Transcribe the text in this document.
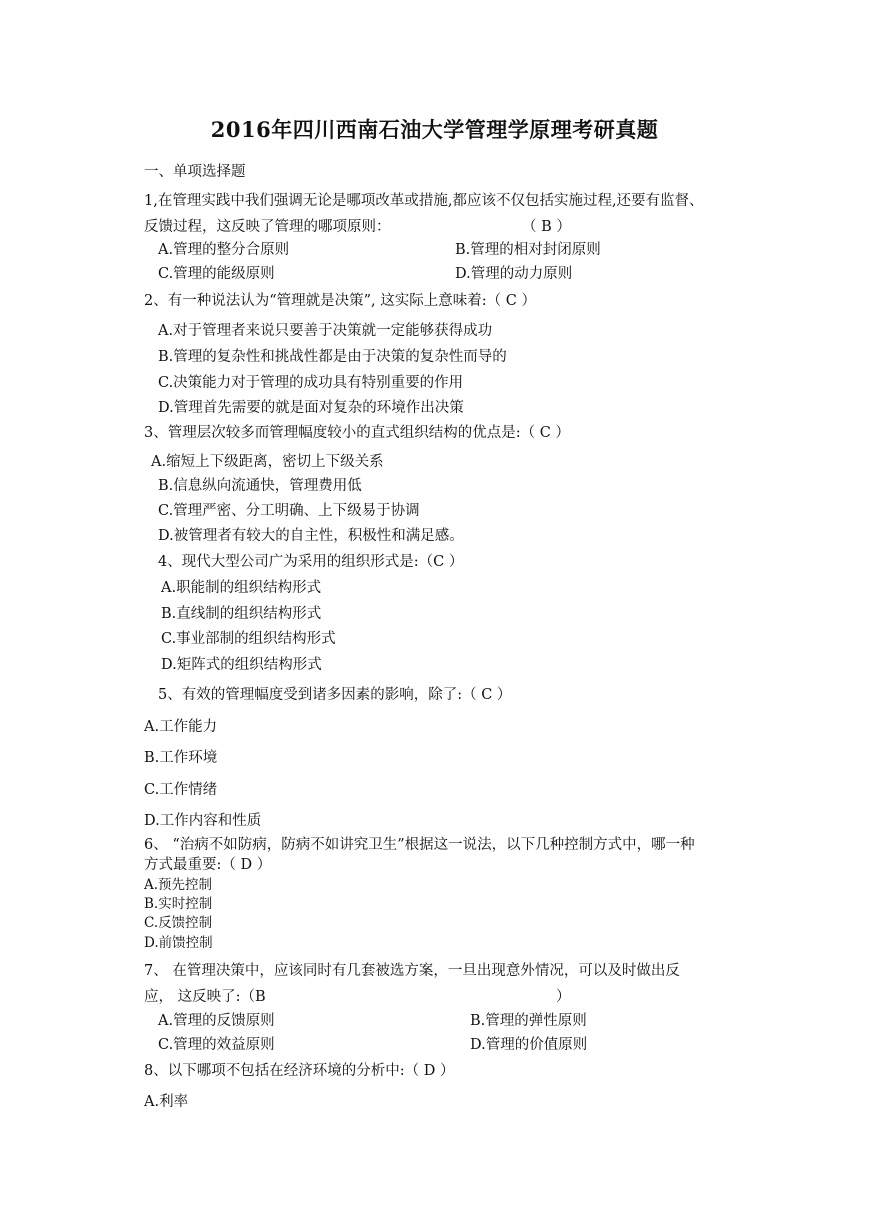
2016年四川西南石油大学管理学原理考研真题
一、单项选择题
1,在管理实践中我们强调无论是哪项改革或措施,都应该不仅包括实施过程,还要有监督、
反馈过程，这反映了管理的哪项原则：	（ B ）
A.管理的整分合原则	B.管理的相对封闭原则
C.管理的能级原则	D.管理的动力原则
2、有一种说法认为“管理就是决策”, 这实际上意味着:（ C ）
A.对于管理者来说只要善于决策就一定能够获得成功
B.管理的复杂性和挑战性都是由于决策的复杂性而导的
C.决策能力对于管理的成功具有特别重要的作用
D.管理首先需要的就是面对复杂的环境作出决策
3、管理层次较多而管理幅度较小的直式组织结构的优点是:（ C ）
A.缩短上下级距离，密切上下级关系
B.信息纵向流通快，管理费用低
C.管理严密、分工明确、上下级易于协调
D.被管理者有较大的自主性，积极性和满足感。
4、现代大型公司广为采用的组织形式是:（C ）
A.职能制的组织结构形式
B.直线制的组织结构形式
C.事业部制的组织结构形式
D.矩阵式的组织结构形式
5、有效的管理幅度受到诸多因素的影响，除了:（ C ）
A.工作能力
B.工作环境
C.工作情绪
D.工作内容和性质
6、 “治病不如防病，防病不如讲究卫生”根据这一说法，以下几种控制方式中，哪一种
方式最重要:（ D ）
A.预先控制
B.实时控制
C.反馈控制
D.前馈控制
7、 在管理决策中，应该同时有几套被选方案，一旦出现意外情况，可以及时做出反
应， 这反映了:（B	）
A.管理的反馈原则	B.管理的弹性原则
C.管理的效益原则	D.管理的价值原则
8、以下哪项不包括在经济环境的分析中:（ D ）
A.利率
